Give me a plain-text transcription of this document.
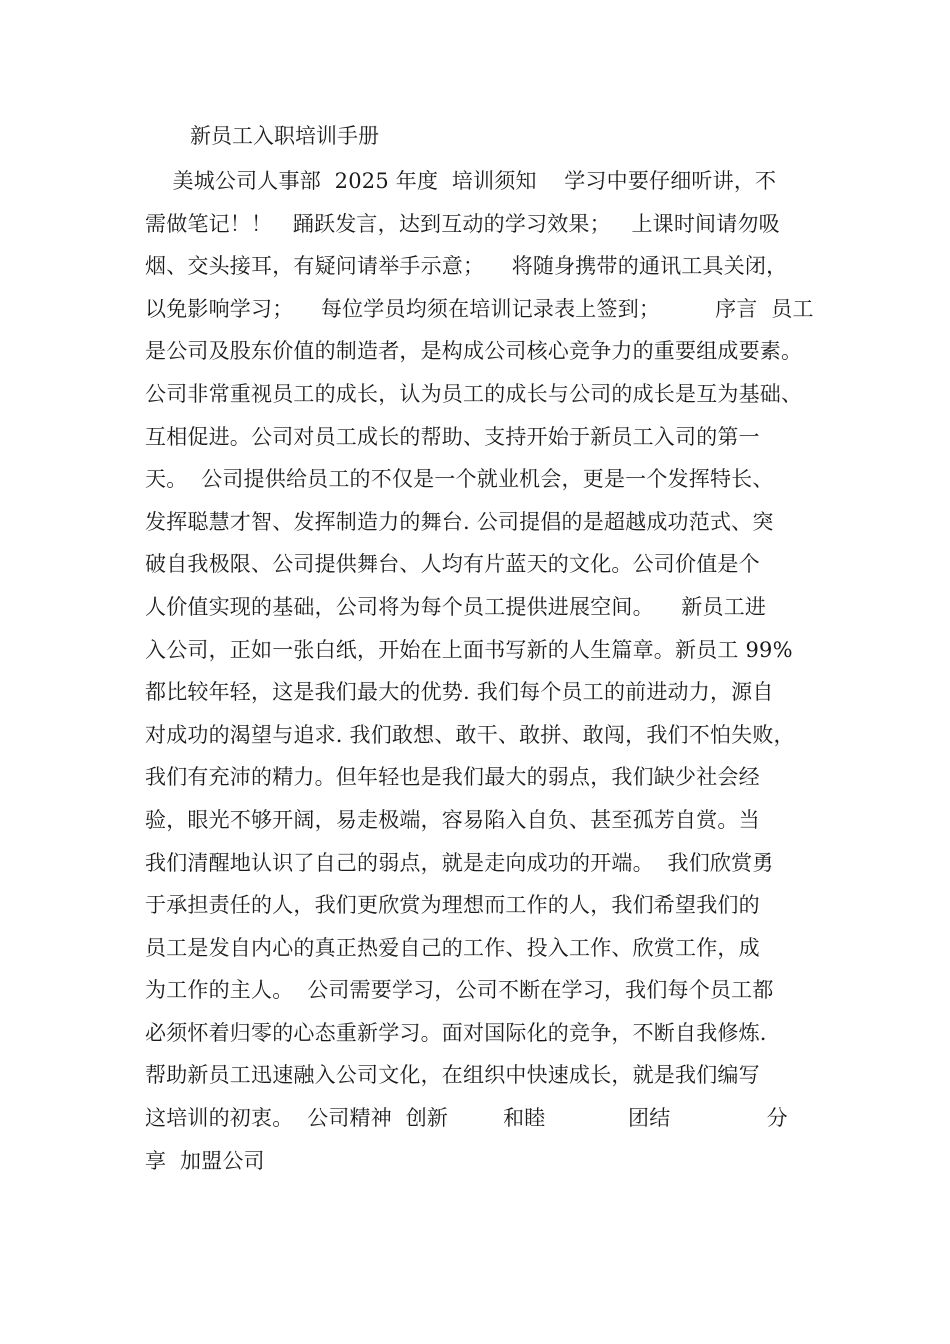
新员工入职培训手册
美城公司人事部  2025 年度  培训须知    学习中要仔细听讲，不
需做笔记！！   踊跃发言，达到互动的学习效果；   上课时间请勿吸
烟、交头接耳，有疑问请举手示意；    将随身携带的通讯工具关闭，
以免影响学习；    每位学员均须在培训记录表上签到；        序言  员工
是公司及股东价值的制造者，是构成公司核心竞争力的重要组成要素。
公司非常重视员工的成长，认为员工的成长与公司的成长是互为基础、
互相促进。公司对员工成长的帮助、支持开始于新员工入司的第一
天。  公司提供给员工的不仅是一个就业机会，更是一个发挥特长、
发挥聪慧才智、发挥制造力的舞台. 公司提倡的是超越成功范式、突
破自我极限、公司提供舞台、人均有片蓝天的文化。公司价值是个
人价值实现的基础，公司将为每个员工提供进展空间。    新员工进
入公司，正如一张白纸，开始在上面书写新的人生篇章。新员工 99%
都比较年轻，这是我们最大的优势. 我们每个员工的前进动力，源自
对成功的渴望与追求. 我们敢想、敢干、敢拼、敢闯，我们不怕失败，
我们有充沛的精力。但年轻也是我们最大的弱点，我们缺少社会经
验，眼光不够开阔，易走极端，容易陷入自负、甚至孤芳自赏。当
我们清醒地认识了自己的弱点，就是走向成功的开端。  我们欣赏勇
于承担责任的人，我们更欣赏为理想而工作的人，我们希望我们的
员工是发自内心的真正热爱自己的工作、投入工作、欣赏工作，成
为工作的主人。  公司需要学习，公司不断在学习，我们每个员工都
必须怀着归零的心态重新学习。面对国际化的竞争，不断自我修炼.
帮助新员工迅速融入公司文化，在组织中快速成长，就是我们编写
这培训的初衷。  公司精神  创新        和睦            团结              分
享  加盟公司
